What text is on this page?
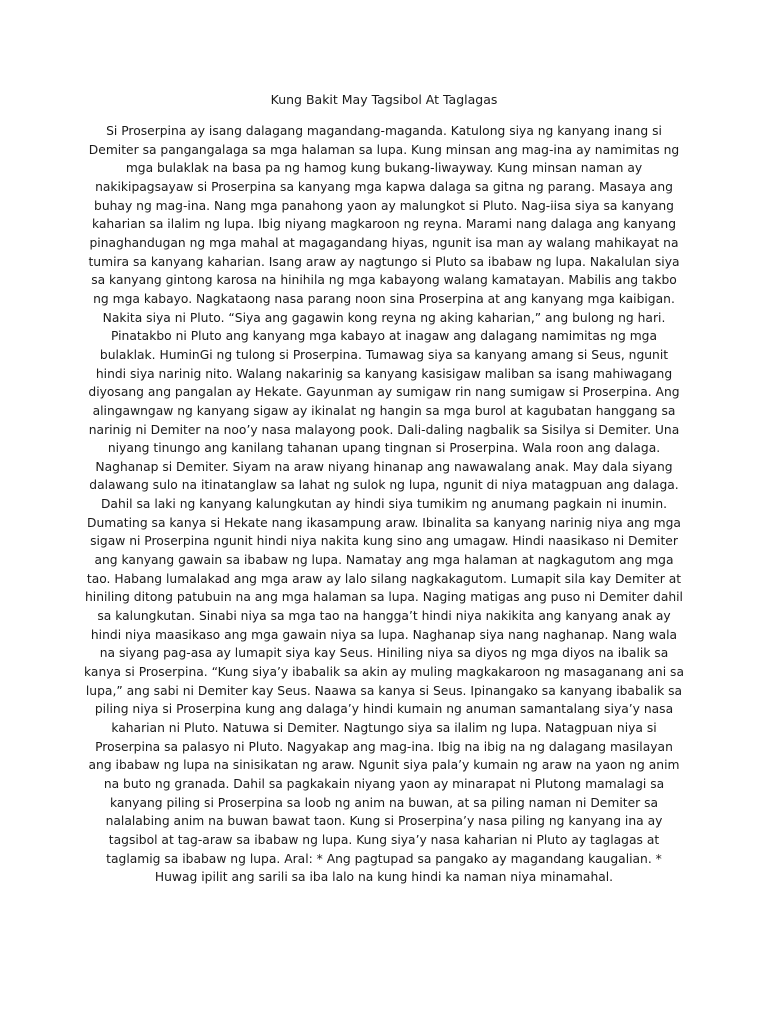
Kung Bakit May Tagsibol At Taglagas

Si Proserpina ay isang dalagang magandang-maganda. Katulong siya ng kanyang inang si Demiter sa pangangalaga sa mga halaman sa lupa. Kung minsan ang mag-ina ay namimitas ng mga bulaklak na basa pa ng hamog kung bukang-liwayway. Kung minsan naman ay nakikipagsayaw si Proserpina sa kanyang mga kapwa dalaga sa gitna ng parang. Masaya ang buhay ng mag-ina. Nang mga panahong yaon ay malungkot si Pluto. Nag-iisa siya sa kanyang kaharian sa ilalim ng lupa. Ibig niyang magkaroon ng reyna. Marami nang dalaga ang kanyang pinaghandugan ng mga mahal at magagandang hiyas, ngunit isa man ay walang mahikayat na tumira sa kanyang kaharian. Isang araw ay nagtungo si Pluto sa ibabaw ng lupa. Nakalulan siya sa kanyang gintong karosa na hinihila ng mga kabayong walang kamatayan. Mabilis ang takbo ng mga kabayo. Nagkataong nasa parang noon sina Proserpina at ang kanyang mga kaibigan. Nakita siya ni Pluto. “Siya ang gagawin kong reyna ng aking kaharian,” ang bulong ng hari. Pinatakbo ni Pluto ang kanyang mga kabayo at inagaw ang dalagang namimitas ng mga bulaklak. HuminGi ng tulong si Proserpina. Tumawag siya sa kanyang amang si Seus, ngunit hindi siya narinig nito. Walang nakarinig sa kanyang kasisigaw maliban sa isang mahiwagang diyosang ang pangalan ay Hekate. Gayunman ay sumigaw rin nang sumigaw si Proserpina. Ang alingawngaw ng kanyang sigaw ay ikinalat ng hangin sa mga burol at kagubatan hanggang sa narinig ni Demiter na noo’y nasa malayong pook. Dali-daling nagbalik sa Sisilya si Demiter. Una niyang tinungo ang kanilang tahanan upang tingnan si Proserpina. Wala roon ang dalaga. Naghanap si Demiter. Siyam na araw niyang hinanap ang nawawalang anak. May dala siyang dalawang sulo na itinatanglaw sa lahat ng sulok ng lupa, ngunit di niya matagpuan ang dalaga. Dahil sa laki ng kanyang kalungkutan ay hindi siya tumikim ng anumang pagkain ni inumin. Dumating sa kanya si Hekate nang ikasampung araw. Ibinalita sa kanyang narinig niya ang mga sigaw ni Proserpina ngunit hindi niya nakita kung sino ang umagaw. Hindi naasikaso ni Demiter ang kanyang gawain sa ibabaw ng lupa. Namatay ang mga halaman at nagkagutom ang mga tao. Habang lumalakad ang mga araw ay lalo silang nagkakagutom. Lumapit sila kay Demiter at hiniling ditong patubuin na ang mga halaman sa lupa. Naging matigas ang puso ni Demiter dahil sa kalungkutan. Sinabi niya sa mga tao na hangga’t hindi niya nakikita ang kanyang anak ay hindi niya maasikaso ang mga gawain niya sa lupa. Naghanap siya nang naghanap. Nang wala na siyang pag-asa ay lumapit siya kay Seus. Hiniling niya sa diyos ng mga diyos na ibalik sa kanya si Proserpina. “Kung siya’y ibabalik sa akin ay muling magkakaroon ng masaganang ani sa lupa,” ang sabi ni Demiter kay Seus. Naawa sa kanya si Seus. Ipinangako sa kanyang ibabalik sa piling niya si Proserpina kung ang dalaga’y hindi kumain ng anuman samantalang siya’y nasa kaharian ni Pluto. Natuwa si Demiter. Nagtungo siya sa ilalim ng lupa. Natagpuan niya si Proserpina sa palasyo ni Pluto. Nagyakap ang mag-ina. Ibig na ibig na ng dalagang masilayan ang ibabaw ng lupa na sinisikatan ng araw. Ngunit siya pala’y kumain ng araw na yaon ng anim na buto ng granada. Dahil sa pagkakain niyang yaon ay minarapat ni Plutong mamalagi sa kanyang piling si Proserpina sa loob ng anim na buwan, at sa piling naman ni Demiter sa nalalabing anim na buwan bawat taon. Kung si Proserpina’y nasa piling ng kanyang ina ay tagsibol at tag-araw sa ibabaw ng lupa. Kung siya’y nasa kaharian ni Pluto ay taglagas at taglamig sa ibabaw ng lupa. Aral: * Ang pagtupad sa pangako ay magandang kaugalian. * Huwag ipilit ang sarili sa iba lalo na kung hindi ka naman niya minamahal.
